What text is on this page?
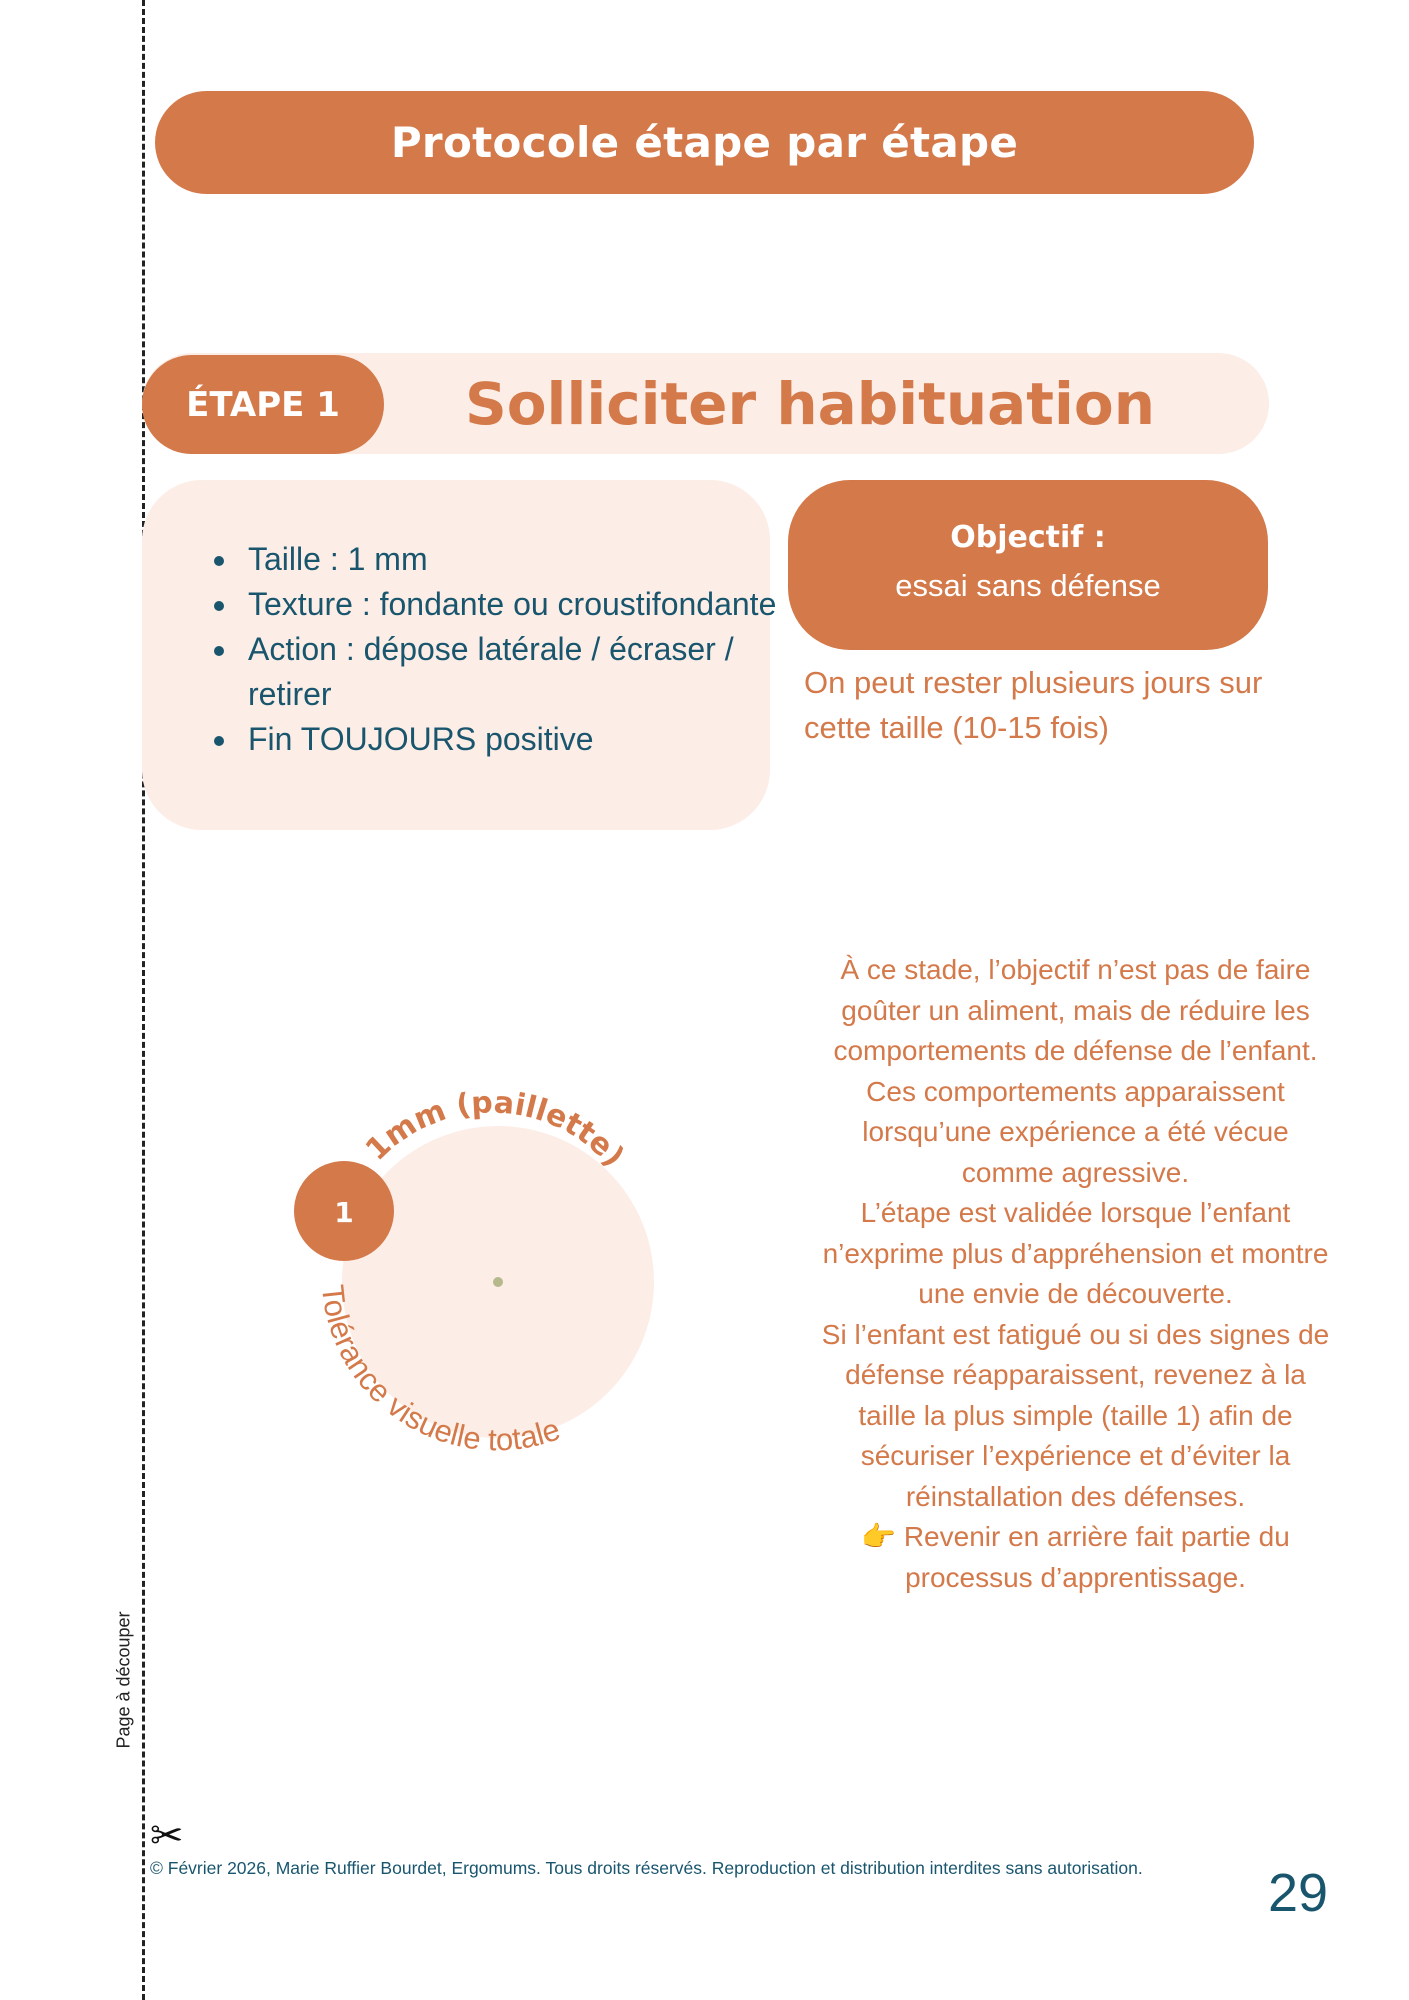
Page à découper
✂
Protocole étape par étape
ÉTAPE 1	Solliciter habituation
• Taille : 1 mm
• Texture : fondante ou croustifondante
• Action : dépose latérale / écraser / retirer
• Fin TOUJOURS positive
Objectif :
essai sans défense
On peut rester plusieurs jours sur cette taille (10-15 fois)
1
1mm (paillette)
Tolérance visuelle totale

À ce stade, l’objectif n’est pas de faire

goûter un aliment, mais de réduire les

comportements de défense de l’enfant.

Ces comportements apparaissent

lorsqu’une expérience a été vécue

comme agressive.

L’étape est validée lorsque l’enfant

n’exprime plus d’appréhension et montre

une envie de découverte.

Si l’enfant est fatigué ou si des signes de

défense réapparaissent, revenez à la

taille la plus simple (taille 1) afin de

sécuriser l’expérience et d’éviter la

réinstallation des défenses.

👉 Revenir en arrière fait partie du

processus d’apprentissage.

© Février 2026, Marie Ruffier Bourdet, Ergomums. Tous droits réservés. Reproduction et distribution interdites sans autorisation.	29
